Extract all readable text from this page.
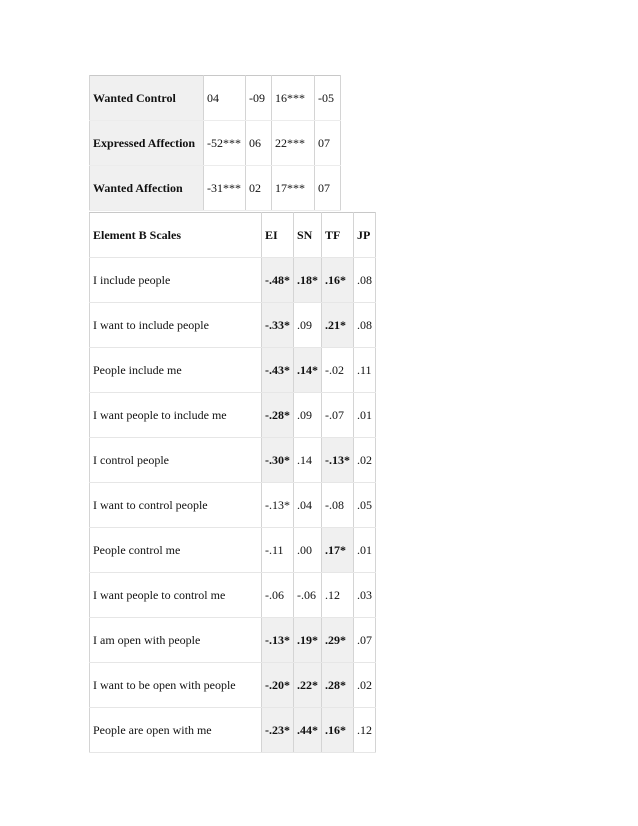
Wanted Control	04	-09	16***	-05
Expressed Affection	-52***	06	22***	07
Wanted Affection	-31***	02	17***	07
Element B Scales	EI	SN	TF	JP
I include people	-.48*	.18*	.16*	.08
I want to include people	-.33*	.09	.21*	.08
People include me	-.43*	.14*	-.02	.11
I want people to include me	-.28*	.09	-.07	.01
I control people	-.30*	.14	-.13*	.02
I want to control people	-.13*	.04	-.08	.05
People control me	-.11	.00	.17*	.01
I want people to control me	-.06	-.06	.12	.03
I am open with people	-.13*	.19*	.29*	.07
I want to be open with people	-.20*	.22*	.28*	.02
People are open with me	-.23*	.44*	.16*	.12
